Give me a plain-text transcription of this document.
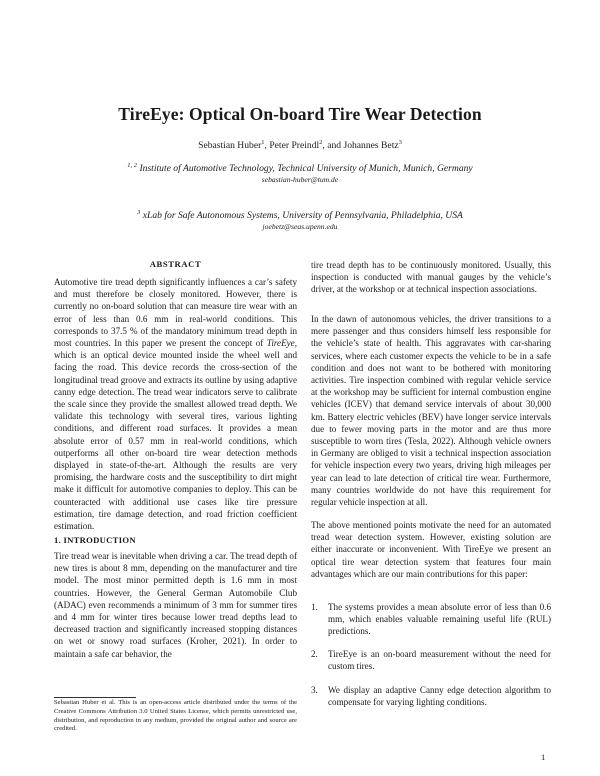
TireEye: Optical On-board Tire Wear Detection

Sebastian Huber$^1$, Peter Preindl$^2$, and Johannes Betz$^3$

$^{1, 2}$ Institute of Automotive Technology, Technical University of Munich, Munich, Germany

sebastian-huber@tum.de

$^3$ xLab for Safe Autonomous Systems, University of Pennsylvania, Philadelphia, USA

joebetz@seas.upenn.edu

ABSTRACT

Automotive tire tread depth significantly influences a car’s safety and must therefore be closely monitored. However, there is currently no on-board solution that can measure tire wear with an error of less than 0.6 mm in real-world conditions. This corresponds to 37.5 % of the mandatory minimum tread depth in most countries. In this paper we present the concept of TireEye, which is an optical device mounted inside the wheel well and facing the road. This device records the cross-section of the longitudinal tread groove and extracts its outline by using adaptive canny edge detection. The tread wear indicators serve to calibrate the scale since they provide the smallest allowed tread depth. We validate this technology with several tires, various lighting conditions, and different road surfaces. It provides a mean absolute error of 0.57 mm in real-world conditions, which outperforms all other on-board tire wear detection methods displayed in state-of-the-art. Although the results are very promising, the hardware costs and the susceptibility to dirt might make it difficult for automotive companies to deploy. This can be counteracted with additional use cases like tire pressure estimation, tire damage detection, and road friction coefficient estimation.

1. INTRODUCTION

Tire tread wear is inevitable when driving a car. The tread depth of new tires is about 8 mm, depending on the manufacturer and tire model. The most minor permitted depth is 1.6 mm in most countries. However, the General German Automobile Club (ADAC) even recommends a minimum of 3 mm for summer tires and 4 mm for winter tires because lower tread depths lead to decreased traction and significantly increased stopping distances on wet or snowy road surfaces (Kroher, 2021). In order to maintain a safe car behavior, the

Sebastian Huber et al. This is an open-access article distributed under the terms of the Creative Commons Attribution 3.0 United States License, which permits unrestricted use, distribution, and reproduction in any medium, provided the original author and source are credited.

tire tread depth has to be continuously monitored. Usually, this inspection is conducted with manual gauges by the vehicle’s driver, at the workshop or at technical inspection associations.

In the dawn of autonomous vehicles, the driver transitions to a mere passenger and thus considers himself less responsible for the vehicle’s state of health. This aggravates with car-sharing services, where each customer expects the vehicle to be in a safe condition and does not want to be bothered with monitoring activities. Tire inspection combined with regular vehicle service at the workshop may be sufficient for internal combustion engine vehicles (ICEV) that demand service intervals of about 30,000 km. Battery electric vehicles (BEV) have longer service intervals due to fewer moving parts in the motor and are thus more susceptible to worn tires (Tesla, 2022). Although vehicle owners in Germany are obliged to visit a technical inspection association for vehicle inspection every two years, driving high mileages per year can lead to late detection of critical tire wear. Furthermore, many countries worldwide do not have this requirement for regular vehicle inspection at all.

The above mentioned points motivate the need for an automated tread wear detection system. However, existing solution are either inaccurate or inconvenient. With TireEye we present an optical tire wear detection system that features four main advantages which are our main contributions for this paper:

1.	The systems provides a mean absolute error of less than 0.6 mm, which enables valuable remaining useful life (RUL) predictions.

2.	TireEye is an on-board measurement without the need for custom tires.

3.	We display an adaptive Canny edge detection algorithm to compensate for varying lighting conditions.

1
